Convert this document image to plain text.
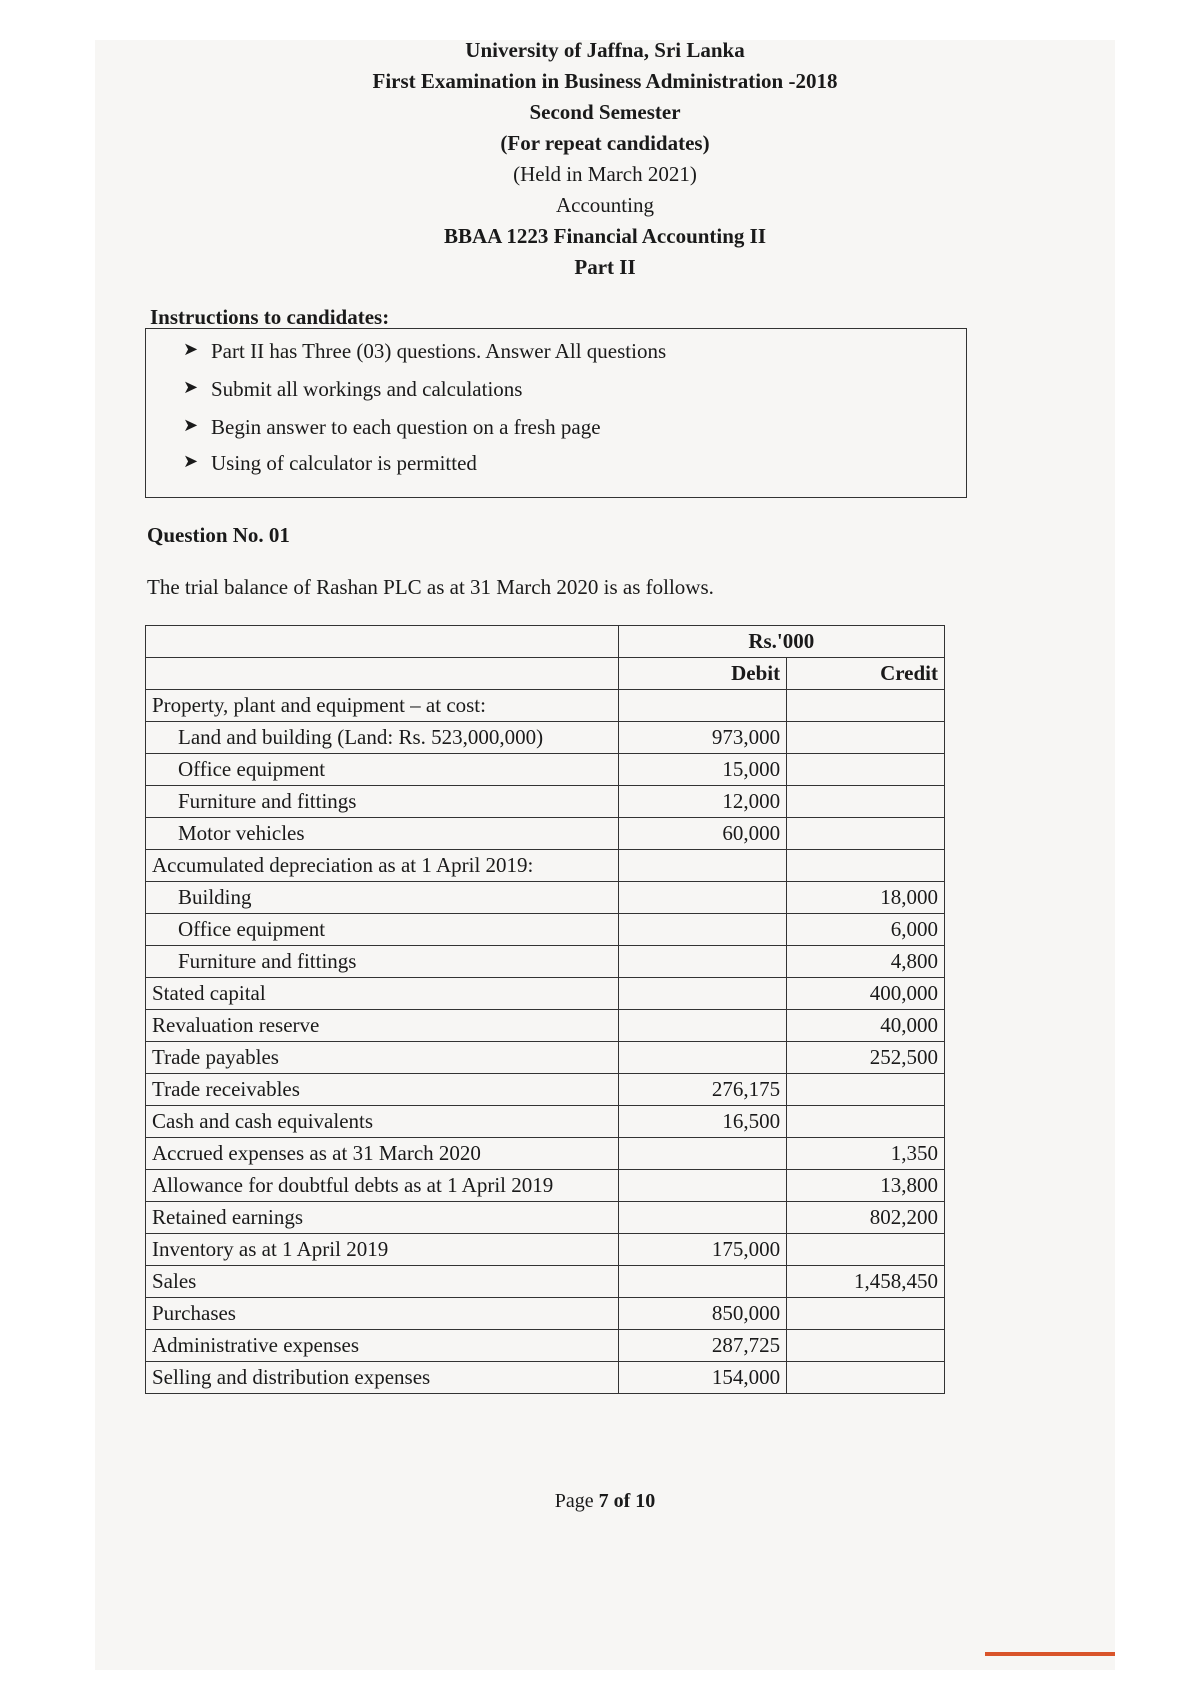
University of Jaffna, Sri Lanka
First Examination in Business Administration -2018
Second Semester
(For repeat candidates)
(Held in March 2021)
Accounting
BBAA 1223 Financial Accounting II
Part II
Instructions to candidates:
➤ Part II has Three (03) questions. Answer All questions
➤ Submit all workings and calculations
➤ Begin answer to each question on a fresh page
➤ Using of calculator is permitted
Question No. 01
The trial balance of Rashan PLC as at 31 March 2020 is as follows.
	Rs.'000	
	Debit	Credit
Property, plant and equipment – at cost:		
Land and building (Land: Rs. 523,000,000)	973,000	
Office equipment	15,000	
Furniture and fittings	12,000	
Motor vehicles	60,000	
Accumulated depreciation as at 1 April 2019:		
Building		18,000
Office equipment		6,000
Furniture and fittings		4,800
Stated capital		400,000
Revaluation reserve		40,000
Trade payables		252,500
Trade receivables	276,175	
Cash and cash equivalents	16,500	
Accrued expenses as at 31 March 2020		1,350
Allowance for doubtful debts as at 1 April 2019		13,800
Retained earnings		802,200
Inventory as at 1 April 2019	175,000	
Sales		1,458,450
Purchases	850,000	
Administrative expenses	287,725	
Selling and distribution expenses	154,000	
Page 7 of 10
